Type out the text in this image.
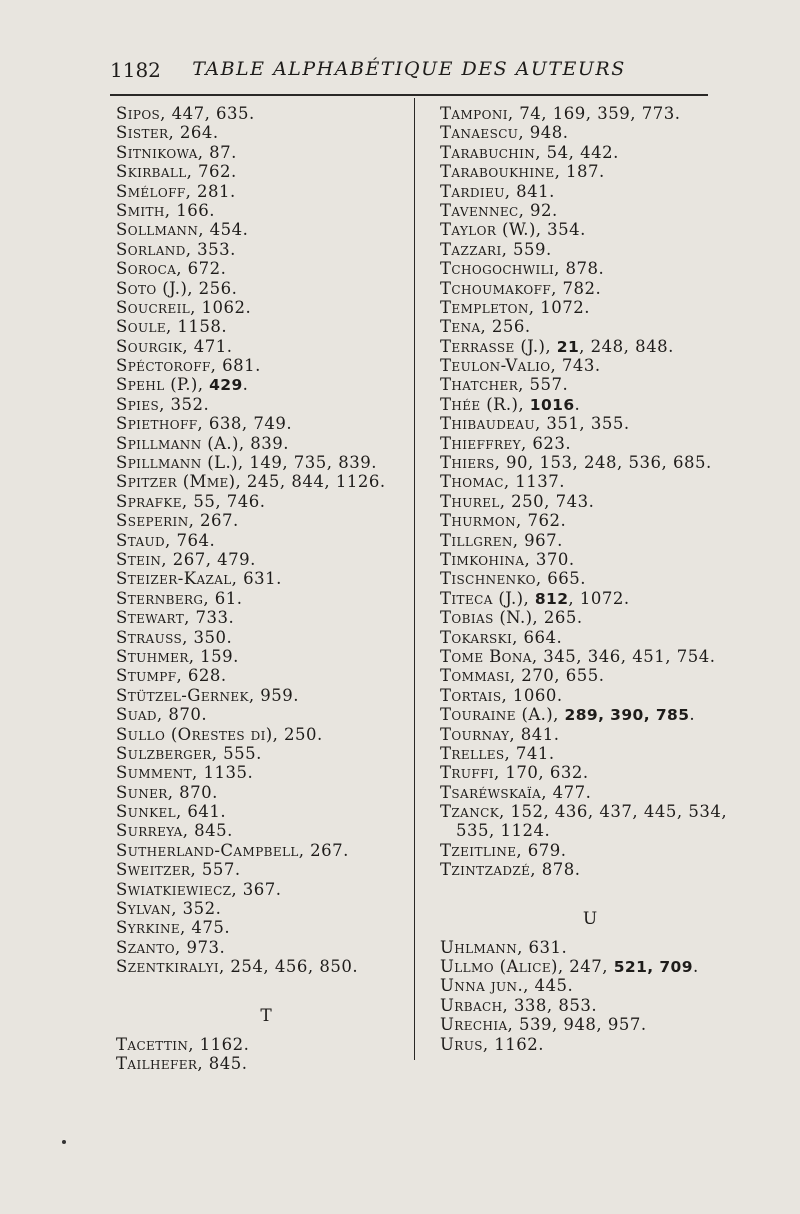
1182	TABLE ALPHABÉTIQUE DES AUTEURS
Sipos, 447, 635.
Sister, 264.
Sitnikowa, 87.
Skirball, 762.
Sméloff, 281.
Smith, 166.
Sollmann, 454.
Sorland, 353.
Soroca, 672.
Soto (J.), 256.
Soucreil, 1062.
Soule, 1158.
Sourgik, 471.
Spéctoroff, 681.
Spehl (P.), 429.
Spies, 352.
Spiethoff, 638, 749.
Spillmann (A.), 839.
Spillmann (L.), 149, 735, 839.
Spitzer (Mme), 245, 844, 1126.
Sprafke, 55, 746.
Sseperin, 267.
Staud, 764.
Stein, 267, 479.
Steizer-Kazal, 631.
Sternberg, 61.
Stewart, 733.
Strauss, 350.
Stuhmer, 159.
Stumpf, 628.
Stützel-Gernek, 959.
Suad, 870.
Sullo (Orestes di), 250.
Sulzberger, 555.
Summent, 1135.
Suner, 870.
Sunkel, 641.
Surreya, 845.
Sutherland-Campbell, 267.
Sweitzer, 557.
Swiatkiewiecz, 367.
Sylvan, 352.
Syrkine, 475.
Szanto, 973.
Szentkiralyi, 254, 456, 850.
T
Tacettin, 1162.
Tailhefer, 845.
Tamponi, 74, 169, 359, 773.
Tanaescu, 948.
Tarabuchin, 54, 442.
Taraboukhine, 187.
Tardieu, 841.
Tavennec, 92.
Taylor (W.), 354.
Tazzari, 559.
Tchogochwili, 878.
Tchoumakoff, 782.
Templeton, 1072.
Tena, 256.
Terrasse (J.), 21, 248, 848.
Teulon-Valio, 743.
Thatcher, 557.
Thée (R.), 1016.
Thibaudeau, 351, 355.
Thieffrey, 623.
Thiers, 90, 153, 248, 536, 685.
Thomac, 1137.
Thurel, 250, 743.
Thurmon, 762.
Tillgren, 967.
Timkohina, 370.
Tischnenko, 665.
Titeca (J.), 812, 1072.
Tobias (N.), 265.
Tokarski, 664.
Tome Bona, 345, 346, 451, 754.
Tommasi, 270, 655.
Tortais, 1060.
Touraine (A.), 289, 390, 785.
Tournay, 841.
Trelles, 741.
Truffi, 170, 632.
Tsaréwskaïa, 477.
Tzanck, 152, 436, 437, 445, 534,
535, 1124.
Tzeitline, 679.
Tzintzadzé, 878.
U
Uhlmann, 631.
Ullmo (Alice), 247, 521, 709.
Unna jun., 445.
Urbach, 338, 853.
Urechia, 539, 948, 957.
Urus, 1162.
